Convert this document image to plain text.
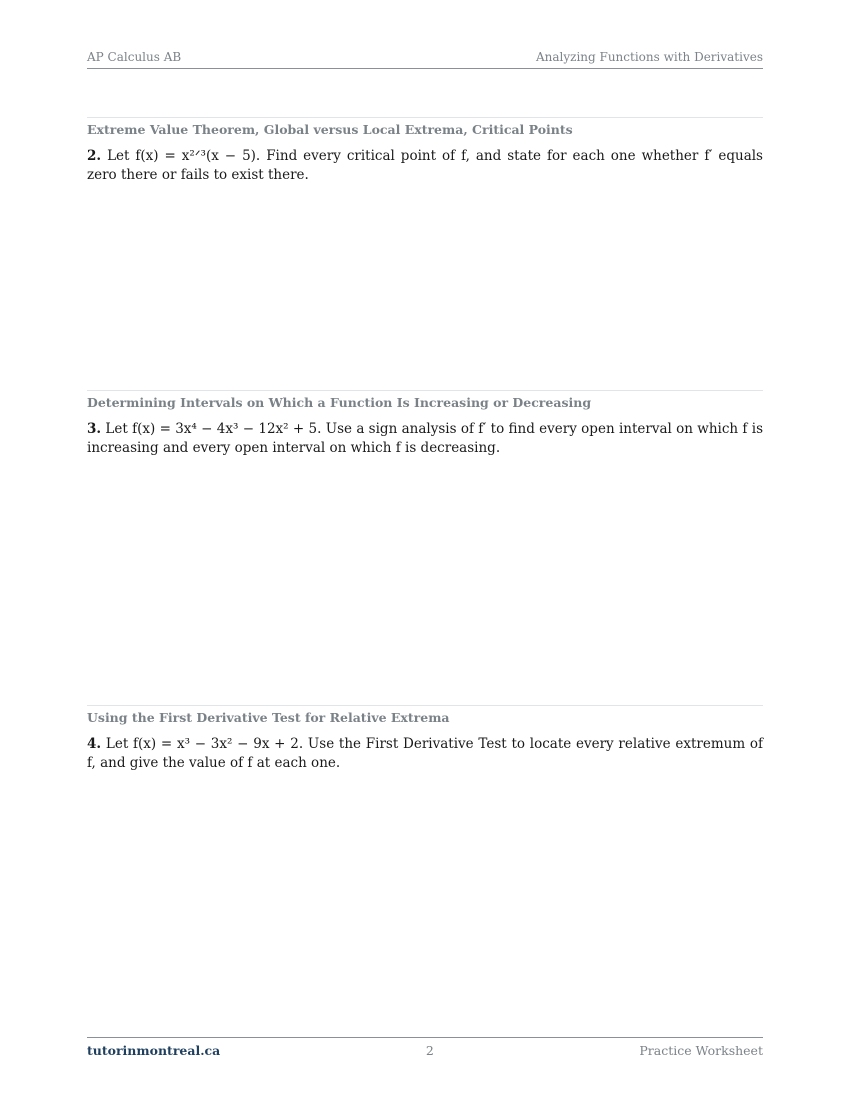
AP Calculus AB	Analyzing Functions with Derivatives
Extreme Value Theorem, Global versus Local Extrema, Critical Points
2. Let f(x) = x²ᐟ³(x − 5). Find every critical point of f, and state for each one whether f′ equals zero there or fails to exist there.
Determining Intervals on Which a Function Is Increasing or Decreasing
3. Let f(x) = 3x⁴ − 4x³ − 12x² + 5. Use a sign analysis of f′ to find every open interval on which f is increasing and every open interval on which f is decreasing.
Using the First Derivative Test for Relative Extrema
4. Let f(x) = x³ − 3x² − 9x + 2. Use the First Derivative Test to locate every relative extremum of f, and give the value of f at each one.
tutorinmontreal.ca	2	Practice Worksheet
